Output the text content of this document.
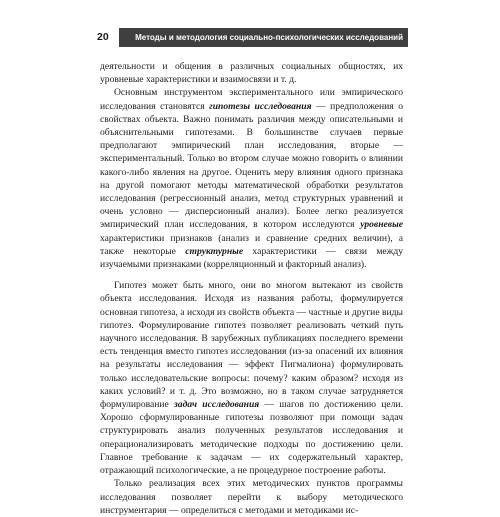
20	Методы и методология социально-психологических исследований

деятельности и общения в различных социальных общностях, их уровневые характеристики и взаимосвязи и т. д.

Основным инструментом экспериментального или эмпирического исследования становятся гипотезы исследования — предположения о свойствах объекта. Важно понимать различия между описательными и объяснительными гипотезами. В большинстве случаев первые предполагают эмпирический план исследования, вторые — экспериментальный. Только во втором случае можно говорить о влиянии какого-либо явления на другое. Оценить меру влияния одного признака на другой помогают методы математической обработки результатов исследования (регрессионный анализ, метод структурных уравнений и очень условно — дисперсионный анализ). Более легко реализуется эмпирический план исследования, в котором исследуются уровневые характеристики признаков (анализ и сравнение средних величин), а также некоторые структурные характеристики — связи между изучаемыми признаками (корреляционный и факторный анализ).

Гипотез может быть много, они во многом вытекают из свойств объекта исследования. Исходя из названия работы, формулируется основная гипотеза, а исходя из свойств объекта — частные и другие виды гипотез. Формулирование гипотез позволяет реализовать четкий путь научного исследования. В зарубежных публикациях последнего времени есть тенденция вместо гипотез исследования (из-за опасений их влияния на результаты исследования — эффект Пигмалиона) формулировать только исследовательские вопросы: почему? каким образом? исходя из каких условий? и т. д. Это возможно, но в таком случае затрудняется формулирование задач исследования — шагов по достижению цели. Хорошо сформулированные гипотезы позволяют при помощи задач структурировать анализ полученных результатов исследования и операционализировать методические подходы по достижению цели. Главное требование к задачам — их содержательный характер, отражающий психологические, а не процедурное построение работы.

Только реализация всех этих методических пунктов программы исследования позволяет перейти к выбору методического инструментария — определиться с методами и методиками ис-
